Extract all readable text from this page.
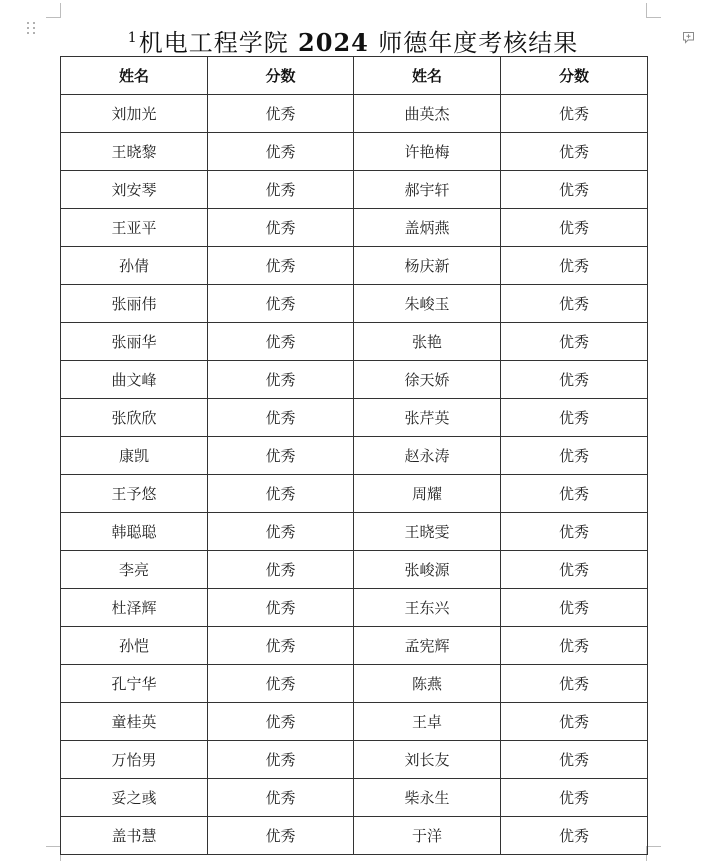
$^1$机电工程学院 2024 师德年度考核结果
姓名	分数	姓名	分数
刘加光	优秀	曲英杰	优秀
王晓黎	优秀	许艳梅	优秀
刘安琴	优秀	郝宇轩	优秀
王亚平	优秀	盖炳燕	优秀
孙倩	优秀	杨庆新	优秀
张丽伟	优秀	朱峻玉	优秀
张丽华	优秀	张艳	优秀
曲文峰	优秀	徐天娇	优秀
张欣欣	优秀	张芹英	优秀
康凯	优秀	赵永涛	优秀
王予悠	优秀	周耀	优秀
韩聪聪	优秀	王晓雯	优秀
李亮	优秀	张峻源	优秀
杜泽辉	优秀	王东兴	优秀
孙恺	优秀	孟宪辉	优秀
孔宁华	优秀	陈燕	优秀
童桂英	优秀	王卓	优秀
万怡男	优秀	刘长友	优秀
妥之彧	优秀	柴永生	优秀
盖书慧	优秀	于洋	优秀
